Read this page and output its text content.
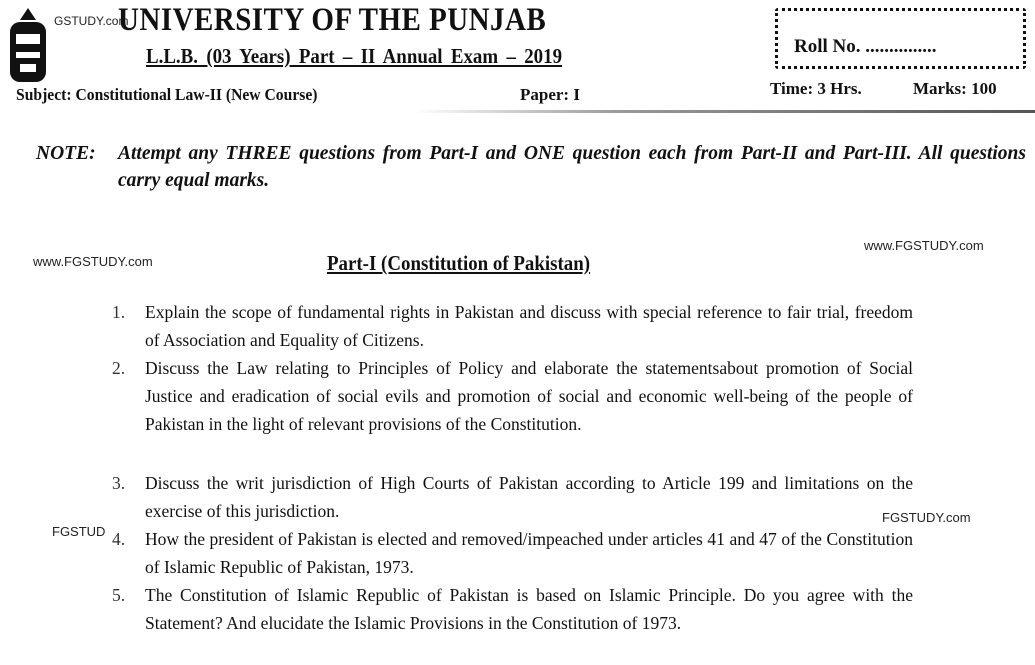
GSTUDY.com
UNIVERSITY OF THE PUNJAB
L.L.B. (03 Years) Part – II Annual Exam – 2019
Subject: Constitutional Law-II (New Course)	Paper: I
Roll No. ...............
Time: 3 Hrs.	Marks: 100
NOTE:	Attempt any THREE questions from Part-I and ONE question each from Part-II and Part-III. All questions carry equal marks.
www.FGSTUDY.com
www.FGSTUDY.com
Part-I (Constitution of Pakistan)
1. Explain the scope of fundamental rights in Pakistan and discuss with special reference to fair trial, freedom of Association and Equality of Citizens.
2. Discuss the Law relating to Principles of Policy and elaborate the statementsabout promotion of Social Justice and eradication of social evils and promotion of social and economic well-being of the people of Pakistan in the light of relevant provisions of the Constitution.
3. Discuss the writ jurisdiction of High Courts of Pakistan according to Article 199 and limitations on the exercise of this jurisdiction.	FGSTUDY.com
FGSTUD 4. How the president of Pakistan is elected and removed/impeached under articles 41 and 47 of the Constitution of Islamic Republic of Pakistan, 1973.
5. The Constitution of Islamic Republic of Pakistan is based on Islamic Principle. Do you agree with the Statement? And elucidate the Islamic Provisions in the Constitution of 1973.
